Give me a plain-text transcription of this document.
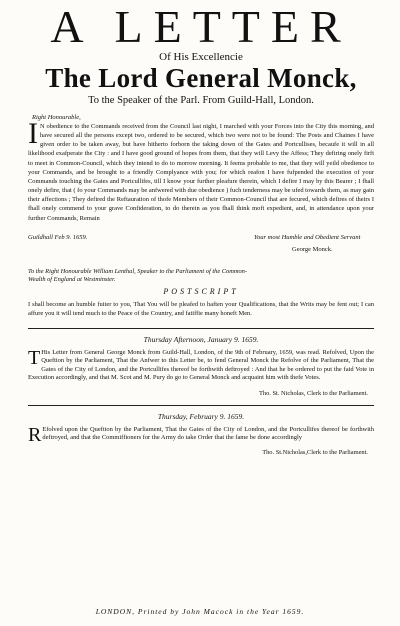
A LETTER
Of His Excellencie
The Lord General Monck,
To the Speaker of the Parl. From Guild-Hall, London.
Right Honourable,

I N obedience to the Commands received from the Council last night, I marched with your Forces into the City this morning, and have secured all the persons except two, ordered to be secured, which two were not to be found: The Posts and Chaines I have given order to be taken away, but have hitherto forborn the taking down of the Gates and Portcullises, becaufe it will in all likelihood exafperate the City : and I have good ground of hopes from them, that they will Levy the Affess; They defiring onely firft to meet in Common-Council, which they intend to do to morrow morning. It feems probable to me, that they will yeild obedience to your Commands, and be brought to a friendly Complyance with you; for which reafon I have fufpended the execution of your Commands touching the Gates and Portcullifes, till I know your further pleafure therein, which I defire I may by this Bearer ; I fhall onely defire, that ( fo your Commands may be anfwered with due obedience ) fuch tenderness may be ufed towards them, as may gain their affections ; They defired the Reftauration of thofe Members of their Common-Council that are fecured, which defires of theirs I fhall onely commend to your grave Confideration, to do therein as you fhall think moft expedient, and, in attendance upon your further Commands, Remain

Guildhall Feb 9. 1659.	Your most Humble and Obedient Servant
George Monck.
To the Right Honourable William Lenthal, Speaker to the Parliament of the Common-Wealth of England at Westminster.
POSTSCRIPT

I shall become an humble fuiter to you, That You will be pleafed to haften your Qualifications, that the Writs may be fent out; I can affure you it will tend much to the Peace of the Country, and fatiffie many honeft Men.

Thursday Afternoon, January 9. 1659.

T His Letter from General George Monck from Guild-Hall, London, of the 9th of February, 1659, was read. Refolved, Upon the Queftion by the Parliament, That the Anfwer to this Letter be, to fend General Monck the Refolve of the Parliament, That the Gates of the City of London, and the Portcullifes thereof be forthwith deftroyed : And that he be ordered to put the faid Vote in Execution accordingly, and that M. Scot and M. Pury do go to General Monck and acquaint him with thefe Votes.

Tho. St. Nicholas, Clerk to the Parliament.
Thursday, February 9. 1659.

R Efolved upon the Queftion by the Parliament, That the Gates of the City of London, and the Portcullifes thereof be forthwith deftroyed, and that the Commiffioners for the Army do take Order that the fame be done accordingly

Tho. St.Nicholas,Clerk to the Parliament.
LONDON, Printed by John Macock in the Year 1659.
